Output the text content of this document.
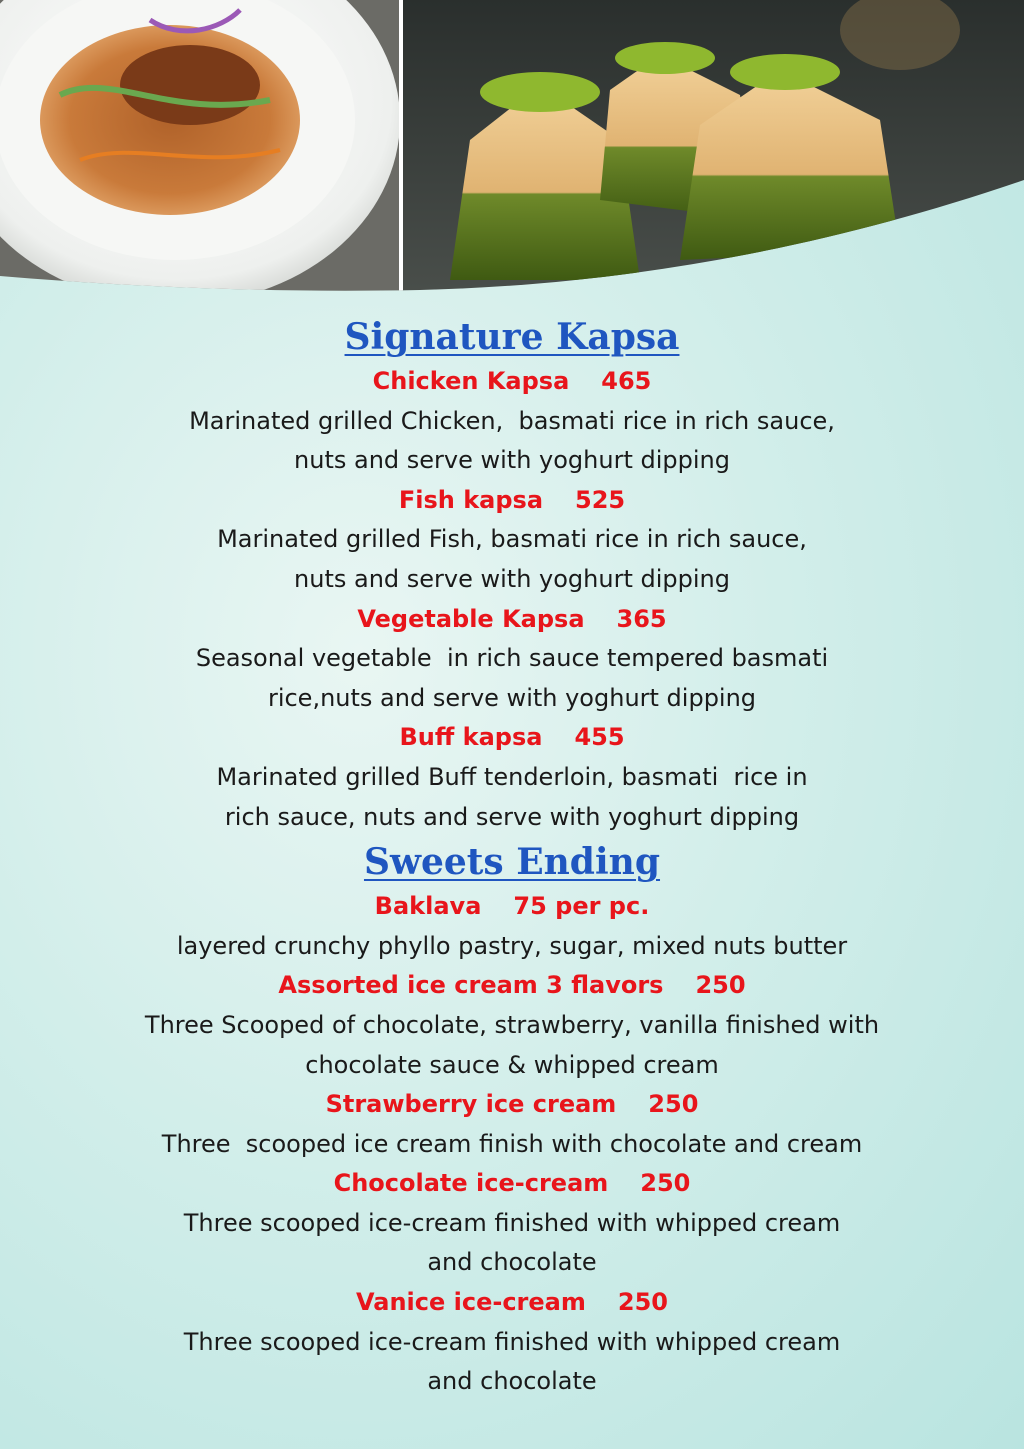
Signature Kapsa
Chicken Kapsa 465
Marinated grilled Chicken,  basmati rice in rich sauce,
nuts and serve with yoghurt dipping
Fish kapsa 525
Marinated grilled Fish, basmati rice in rich sauce,
nuts and serve with yoghurt dipping
Vegetable Kapsa 365
Seasonal vegetable  in rich sauce tempered basmati
rice,nuts and serve with yoghurt dipping
Buff kapsa 455
Marinated grilled Buff tenderloin, basmati  rice in
rich sauce, nuts and serve with yoghurt dipping
Sweets Ending
Baklava 75 per pc.
layered crunchy phyllo pastry, sugar, mixed nuts butter
Assorted ice cream 3 flavors 250
Three Scooped of chocolate, strawberry, vanilla finished with
chocolate sauce & whipped cream
Strawberry ice cream 250
Three  scooped ice cream finish with chocolate and cream
Chocolate ice-cream 250
Three scooped ice-cream finished with whipped cream
and chocolate
Vanice ice-cream 250
Three scooped ice-cream finished with whipped cream
and chocolate
